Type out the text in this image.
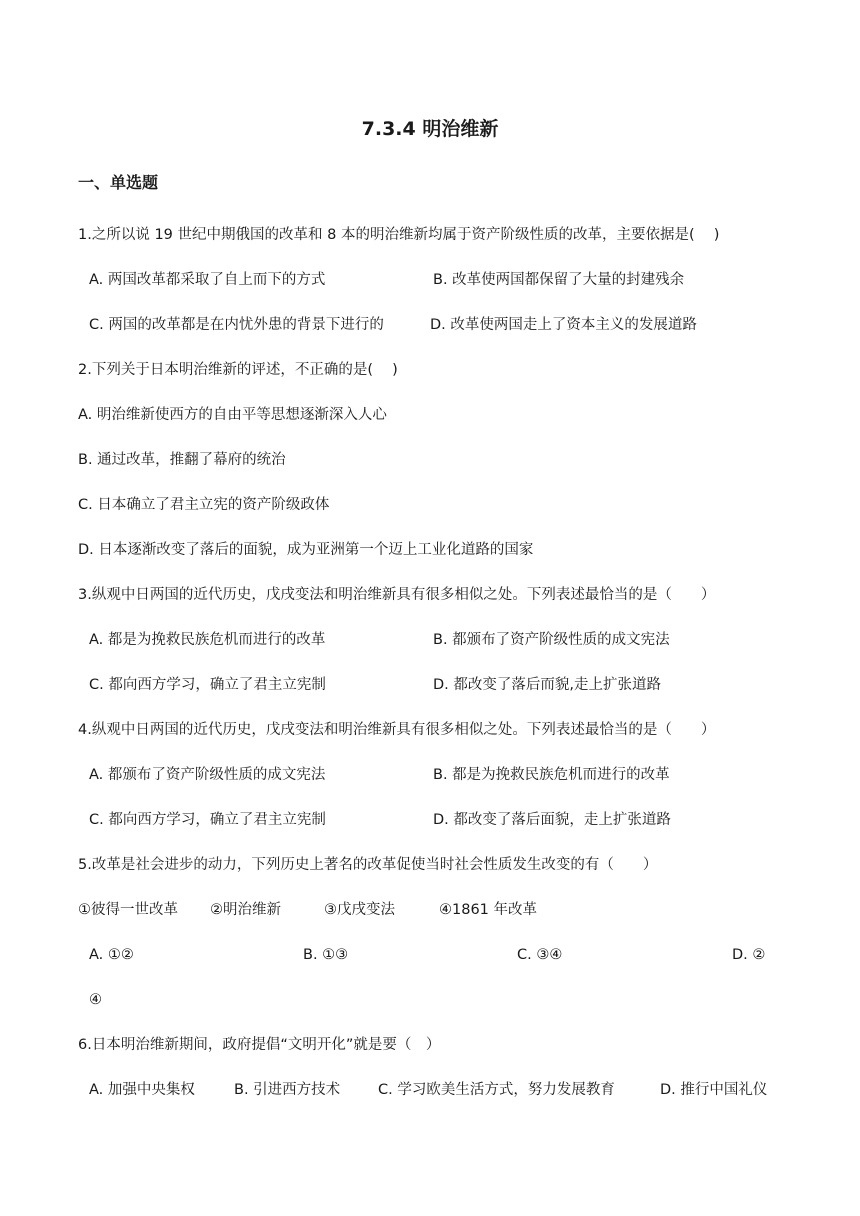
7.3.4 明治维新
一、单选题
1.之所以说 19 世纪中期俄国的改革和 8 本的明治维新均属于资产阶级性质的改革，主要依据是(　 )
A. 两国改革都采取了自上而下的方式	B. 改革使两国都保留了大量的封建残余
C. 两国的改革都是在内忧外患的背景下进行的	D. 改革使两国走上了资本主义的发展道路
2.下列关于日本明治维新的评述，不正确的是(　 )
A. 明治维新使西方的自由平等思想逐渐深入人心
B. 通过改革，推翻了幕府的统治
C. 日本确立了君主立宪的资产阶级政体
D. 日本逐渐改变了落后的面貌，成为亚洲第一个迈上工业化道路的国家
3.纵观中日两国的近代历史，戊戌变法和明治维新具有很多相似之处。下列表述最恰当的是（　　）
A. 都是为挽救民族危机而进行的改革	B. 都颁布了资产阶级性质的成文宪法
C. 都向西方学习，确立了君主立宪制	D. 都改变了落后而貌,走上扩张道路
4.纵观中日两国的近代历史，戊戌变法和明治维新具有很多相似之处。下列表述最恰当的是（　　）
A. 都颁布了资产阶级性质的成文宪法	B. 都是为挽救民族危机而进行的改革
C. 都向西方学习，确立了君主立宪制	D. 都改变了落后面貌，走上扩张道路
5.改革是社会进步的动力，下列历史上著名的改革促使当时社会性质发生改变的有（　　）
①彼得一世改革 ②明治维新	③戊戌变法	④1861 年改革
A. ①②	B. ①③	C. ③④	D. ②
④
6.日本明治维新期间，政府提倡“文明开化”就是要（　）
A. 加强中央集权	B. 引进西方技术	C. 学习欧美生活方式，努力发展教育	D. 推行中国礼仪
